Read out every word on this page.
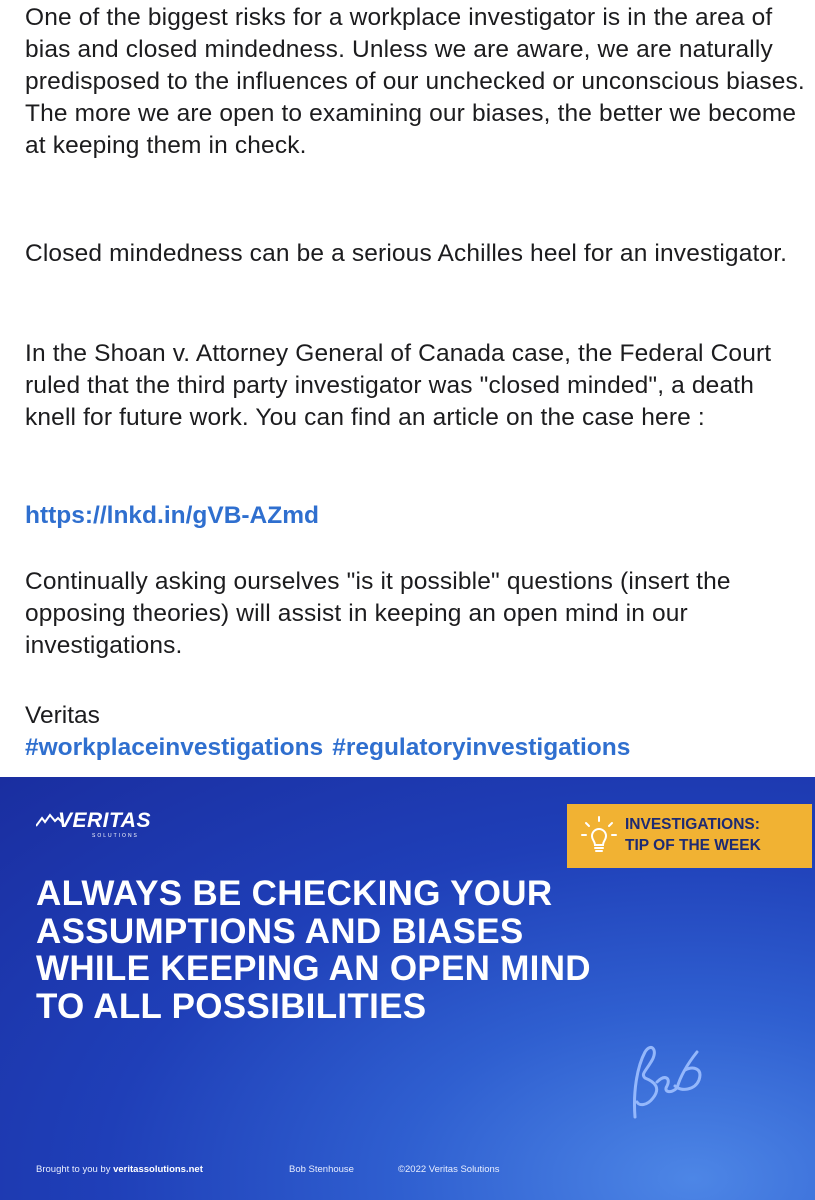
One of the biggest risks for a workplace investigator is in the area of bias and closed mindedness. Unless we are aware, we are naturally predisposed to the influences of our unchecked or unconscious biases. The more we are open to examining our biases, the better we become at keeping them in check.

Closed mindedness can be a serious Achilles heel for an investigator.

In the Shoan v. Attorney General of Canada case, the Federal Court ruled that the third party investigator was "closed minded", a death knell for future work. You can find an article on the case here :

https://lnkd.in/gVB-AZmd

Continually asking ourselves "is it possible" questions (insert the opposing theories) will assist in keeping an open mind in our investigations.

Veritas
#workplaceinvestigations #regulatoryinvestigations
VERITAS
SOLUTIONS
INVESTIGATIONS:
TIP OF THE WEEK
ALWAYS BE CHECKING YOUR ASSUMPTIONS AND BIASES WHILE KEEPING AN OPEN MIND TO ALL POSSIBILITIES
Brought to you by veritassolutions.net	Bob Stenhouse	©2022 Veritas Solutions
